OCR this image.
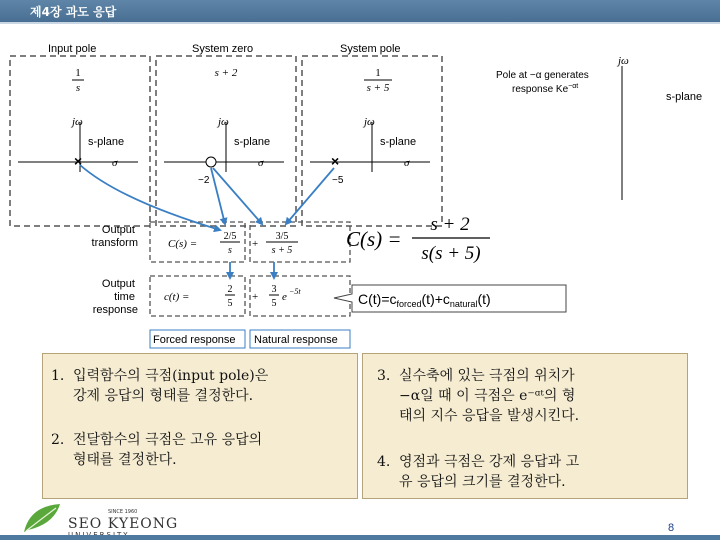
제4장 과도 응답
Input pole	System zero	System pole
1
s
s + 2	1
s + 5
jω
s-plane
σ
×
jω
s-plane
σ
−2
jω
s-plane
σ
×
−5
Output transform
Output time response
C(s) =
2/5
s
+
3/5
s + 5
c(t) =
2
5
+
3
5
e −5t
Forced response Natural response
jω
s-plane
Pole at −α generates
response $Ke^{-\alpha t}$
C(s) =
s + 2
s(s + 5)
$C(t)=c_{forced}(t)+c_{natural}(t)$
1. 입력함수의 극점(input pole)은
강제 응답의 형태를 결정한다.
2. 전달함수의 극점은 고유 응답의
형태를 결정한다.
3. 실수축에 있는 극점의 위치가
−α일 때 이 극점은 e⁻ᵅᵗ의 형
태의 지수 응답을 발생시킨다.
4. 영점과 극점은 강제 응답과 고
유 응답의 크기를 결정한다.
SINCE 1960
SEO KYEONG	8
